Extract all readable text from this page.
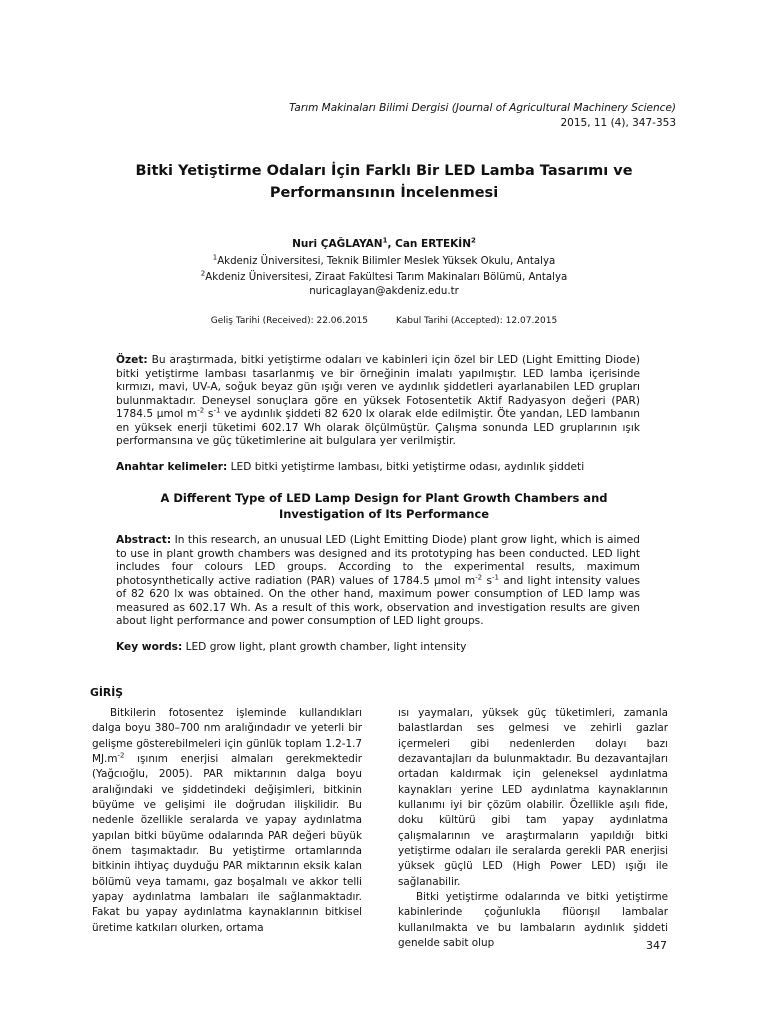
Tarım Makinaları Bilimi Dergisi (Journal of Agricultural Machinery Science)
2015, 11 (4), 347-353
Bitki Yetiştirme Odaları İçin Farklı Bir LED Lamba Tasarımı ve
Performansının İncelenmesi
Nuri ÇAĞLAYAN$^1$, Can ERTEKİN$^2$
$^1$Akdeniz Üniversitesi, Teknik Bilimler Meslek Yüksek Okulu, Antalya
$^2$Akdeniz Üniversitesi, Ziraat Fakültesi Tarım Makinaları Bölümü, Antalya
nuricaglayan@akdeniz.edu.tr
Geliş Tarihi (Received): 22.06.2015	Kabul Tarihi (Accepted): 12.07.2015
Özet: Bu araştırmada, bitki yetiştirme odaları ve kabinleri için özel bir LED (Light Emitting Diode) bitki yetiştirme lambası tasarlanmış ve bir örneğinin imalatı yapılmıştır. LED lamba içerisinde kırmızı, mavi, UV-A, soğuk beyaz gün ışığı veren ve aydınlık şiddetleri ayarlanabilen LED grupları bulunmaktadır. Deneysel sonuçlara göre en yüksek Fotosentetik Aktif Radyasyon değeri (PAR) 1784.5 µmol $m^{-2}$ $s^{-1}$ ve aydınlık şiddeti 82 620 lx olarak elde edilmiştir. Öte yandan, LED lambanın en yüksek enerji tüketimi 602.17 Wh olarak ölçülmüştür. Çalışma sonunda LED gruplarının ışık performansına ve güç tüketimlerine ait bulgulara yer verilmiştir.
Anahtar kelimeler: LED bitki yetiştirme lambası, bitki yetiştirme odası, aydınlık şiddeti
A Different Type of LED Lamp Design for Plant Growth Chambers and
Investigation of Its Performance
Abstract: In this research, an unusual LED (Light Emitting Diode) plant grow light, which is aimed to use in plant growth chambers was designed and its prototyping has been conducted. LED light includes four colours LED groups. According to the experimental results, maximum photosynthetically active radiation (PAR) values of 1784.5 µmol $m^{-2}$ $s^{-1}$ and light intensity values of 82 620 lx was obtained. On the other hand, maximum power consumption of LED lamp was measured as 602.17 Wh. As a result of this work, observation and investigation results are given about light performance and power consumption of LED light groups.
Key words: LED grow light, plant growth chamber, light intensity
GİRİŞ

Bitkilerin fotosentez işleminde kullandıkları dalga boyu 380–700 nm aralığındadır ve yeterli bir gelişme gösterebilmeleri için günlük toplam 1.2-1.7 $MJ.m^{-2}$ ışınım enerjisi almaları gerekmektedir (Yağcıoğlu, 2005). PAR miktarının dalga boyu aralığındaki ve şiddetindeki değişimleri, bitkinin büyüme ve gelişimi ile doğrudan ilişkilidir. Bu nedenle özellikle seralarda ve yapay aydınlatma yapılan bitki büyüme odalarında PAR değeri büyük önem taşımaktadır. Bu yetiştirme ortamlarında bitkinin ihtiyaç duyduğu PAR miktarının eksik kalan bölümü veya tamamı, gaz boşalmalı ve akkor telli yapay aydınlatma lambaları ile sağlanmaktadır. Fakat bu yapay aydınlatma kaynaklarının bitkisel üretime katkıları olurken, ortama

ısı yaymaları, yüksek güç tüketimleri, zamanla balastlardan ses gelmesi ve zehirli gazlar içermeleri gibi nedenlerden dolayı bazı dezavantajları da bulunmaktadır. Bu dezavantajları ortadan kaldırmak için geleneksel aydınlatma kaynakları yerine LED aydınlatma kaynaklarının kullanımı iyi bir çözüm olabilir. Özellikle aşılı fide, doku kültürü gibi tam yapay aydınlatma çalışmalarının ve araştırmaların yapıldığı bitki yetiştirme odaları ile seralarda gerekli PAR enerjisi yüksek güçlü LED (High Power LED) ışığı ile sağlanabilir.

Bitki yetiştirme odalarında ve bitki yetiştirme kabinlerinde çoğunlukla flüorışıl lambalar kullanılmakta ve bu lambaların aydınlık şiddeti genelde sabit olup	347
